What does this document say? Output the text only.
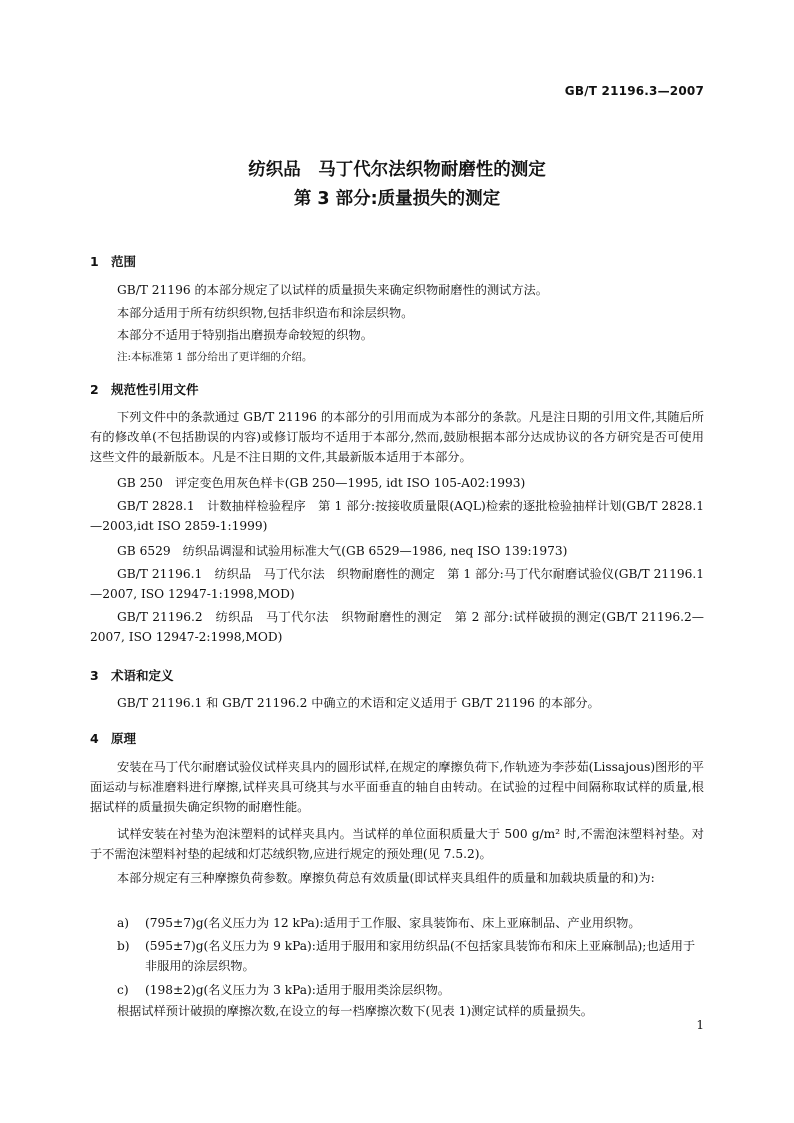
GB/T 21196.3—2007
纺织品　马丁代尔法织物耐磨性的测定
第 3 部分:质量损失的测定
1 范围
GB/T 21196 的本部分规定了以试样的质量损失来确定织物耐磨性的测试方法。
本部分适用于所有纺织织物,包括非织造布和涂层织物。
本部分不适用于特别指出磨损寿命较短的织物。
注:本标准第 1 部分给出了更详细的介绍。
2 规范性引用文件
下列文件中的条款通过 GB/T 21196 的本部分的引用而成为本部分的条款。凡是注日期的引用文件,其随后所有的修改单(不包括勘误的内容)或修订版均不适用于本部分,然而,鼓励根据本部分达成协议的各方研究是否可使用这些文件的最新版本。凡是不注日期的文件,其最新版本适用于本部分。
GB 250　评定变色用灰色样卡(GB 250—1995, idt ISO 105-A02:1993)
GB/T 2828.1　计数抽样检验程序　第 1 部分:按接收质量限(AQL)检索的逐批检验抽样计划(GB/T 2828.1—2003,idt ISO 2859-1:1999)
GB 6529　纺织品调湿和试验用标准大气(GB 6529—1986, neq ISO 139:1973)
GB/T 21196.1　纺织品　马丁代尔法　织物耐磨性的测定　第 1 部分:马丁代尔耐磨试验仪(GB/T 21196.1—2007, ISO 12947-1:1998,MOD)
GB/T 21196.2　纺织品　马丁代尔法　织物耐磨性的测定　第 2 部分:试样破损的测定(GB/T 21196.2—2007, ISO 12947-2:1998,MOD)
3 术语和定义
GB/T 21196.1 和 GB/T 21196.2 中确立的术语和定义适用于 GB/T 21196 的本部分。
4 原理
安装在马丁代尔耐磨试验仪试样夹具内的圆形试样,在规定的摩擦负荷下,作轨迹为李莎茹(Lissajous)图形的平面运动与标准磨料进行摩擦,试样夹具可绕其与水平面垂直的轴自由转动。在试验的过程中间隔称取试样的质量,根据试样的质量损失确定织物的耐磨性能。
试样安装在衬垫为泡沫塑料的试样夹具内。当试样的单位面积质量大于 500 g/m² 时,不需泡沫塑料衬垫。对于不需泡沫塑料衬垫的起绒和灯芯绒织物,应进行规定的预处理(见 7.5.2)。
本部分规定有三种摩擦负荷参数。摩擦负荷总有效质量(即试样夹具组件的质量和加载块质量的和)为:
a)	(795±7)g(名义压力为 12 kPa):适用于工作服、家具装饰布、床上亚麻制品、产业用织物。
b)	(595±7)g(名义压力为 9 kPa):适用于服用和家用纺织品(不包括家具装饰布和床上亚麻制品);也适用于非服用的涂层织物。
c)	(198±2)g(名义压力为 3 kPa):适用于服用类涂层织物。
根据试样预计破损的摩擦次数,在设立的每一档摩擦次数下(见表 1)测定试样的质量损失。
1
